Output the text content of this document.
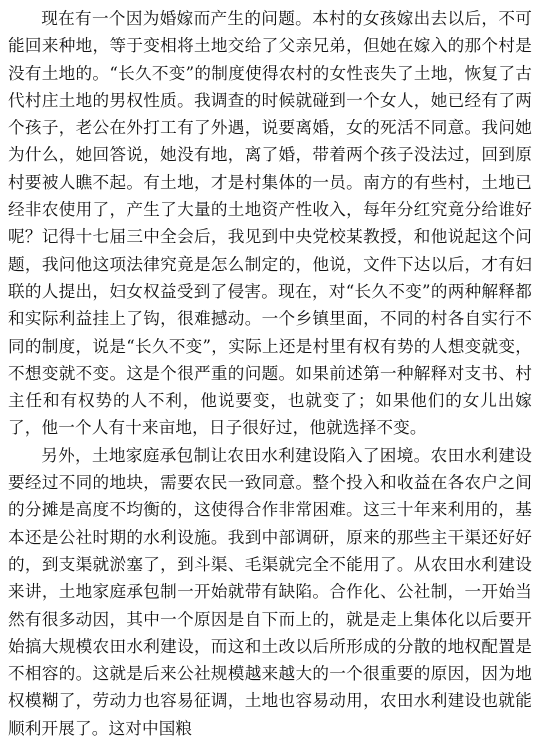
现在有一个因为婚嫁而产生的问题。本村的女孩嫁出去以后，不可能回来种地，等于变相将土地交给了父亲兄弟，但她在嫁入的那个村是没有土地的。“长久不变”的制度使得农村的女性丧失了土地，恢复了古代村庄土地的男权性质。我调查的时候就碰到一个女人，她已经有了两个孩子，老公在外打工有了外遇，说要离婚，女的死活不同意。我问她为什么，她回答说，她没有地，离了婚，带着两个孩子没法过，回到原村要被人瞧不起。有土地，才是村集体的一员。南方的有些村，土地已经非农使用了，产生了大量的土地资产性收入，每年分红究竟分给谁好呢？记得十七届三中全会后，我见到中央党校某教授，和他说起这个问题，我问他这项法律究竟是怎么制定的，他说，文件下达以后，才有妇联的人提出，妇女权益受到了侵害。现在，对“长久不变”的两种解释都和实际利益挂上了钩，很难撼动。一个乡镇里面，不同的村各自实行不同的制度，说是“长久不变”，实际上还是村里有权有势的人想变就变，不想变就不变。这是个很严重的问题。如果前述第一种解释对支书、村主任和有权势的人不利，他说要变，也就变了；如果他们的女儿出嫁了，他一个人有十来亩地，日子很好过，他就选择不变。

另外，土地家庭承包制让农田水利建设陷入了困境。农田水利建设要经过不同的地块，需要农民一致同意。整个投入和收益在各农户之间的分摊是高度不均衡的，这使得合作非常困难。这三十年来利用的，基本还是公社时期的水利设施。我到中部调研，原来的那些主干渠还好好的，到支渠就淤塞了，到斗渠、毛渠就完全不能用了。从农田水利建设来讲，土地家庭承包制一开始就带有缺陷。合作化、公社制，一开始当然有很多动因，其中一个原因是自下而上的，就是走上集体化以后要开始搞大规模农田水利建设，而这和土改以后所形成的分散的地权配置是不相容的。这就是后来公社规模越来越大的一个很重要的原因，因为地权模糊了，劳动力也容易征调，土地也容易动用，农田水利建设也就能顺利开展了。这对中国粮
